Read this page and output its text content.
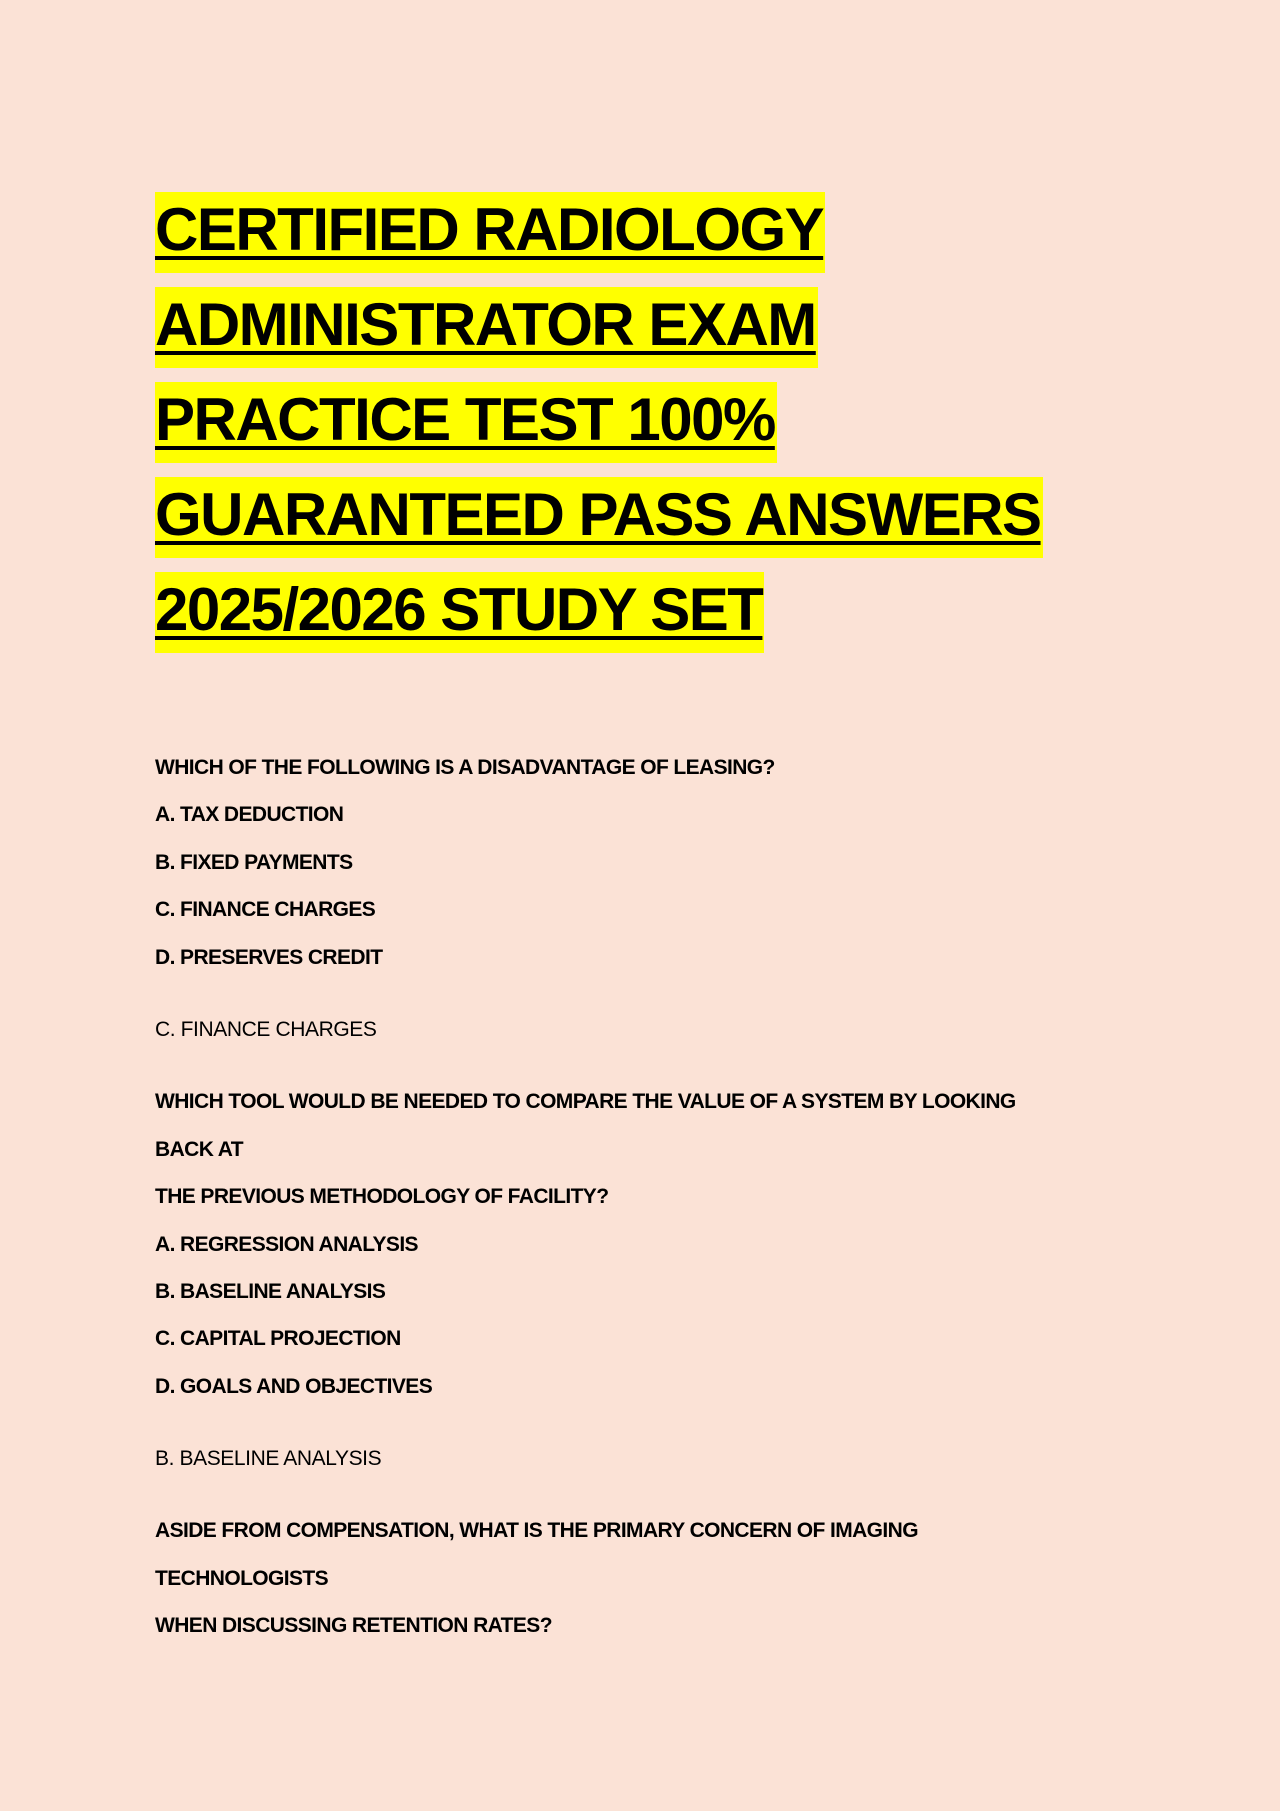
CERTIFIED RADIOLOGY
ADMINISTRATOR EXAM
PRACTICE TEST 100%
GUARANTEED PASS ANSWERS
2025/2026 STUDY SET
WHICH OF THE FOLLOWING IS A DISADVANTAGE OF LEASING?
A. TAX DEDUCTION
B. FIXED PAYMENTS
C. FINANCE CHARGES
D. PRESERVES CREDIT
C. FINANCE CHARGES
WHICH TOOL WOULD BE NEEDED TO COMPARE THE VALUE OF A SYSTEM BY LOOKING
BACK AT
THE PREVIOUS METHODOLOGY OF FACILITY?
A. REGRESSION ANALYSIS
B. BASELINE ANALYSIS
C. CAPITAL PROJECTION
D. GOALS AND OBJECTIVES
B. BASELINE ANALYSIS
ASIDE FROM COMPENSATION, WHAT IS THE PRIMARY CONCERN OF IMAGING
TECHNOLOGISTS
WHEN DISCUSSING RETENTION RATES?
